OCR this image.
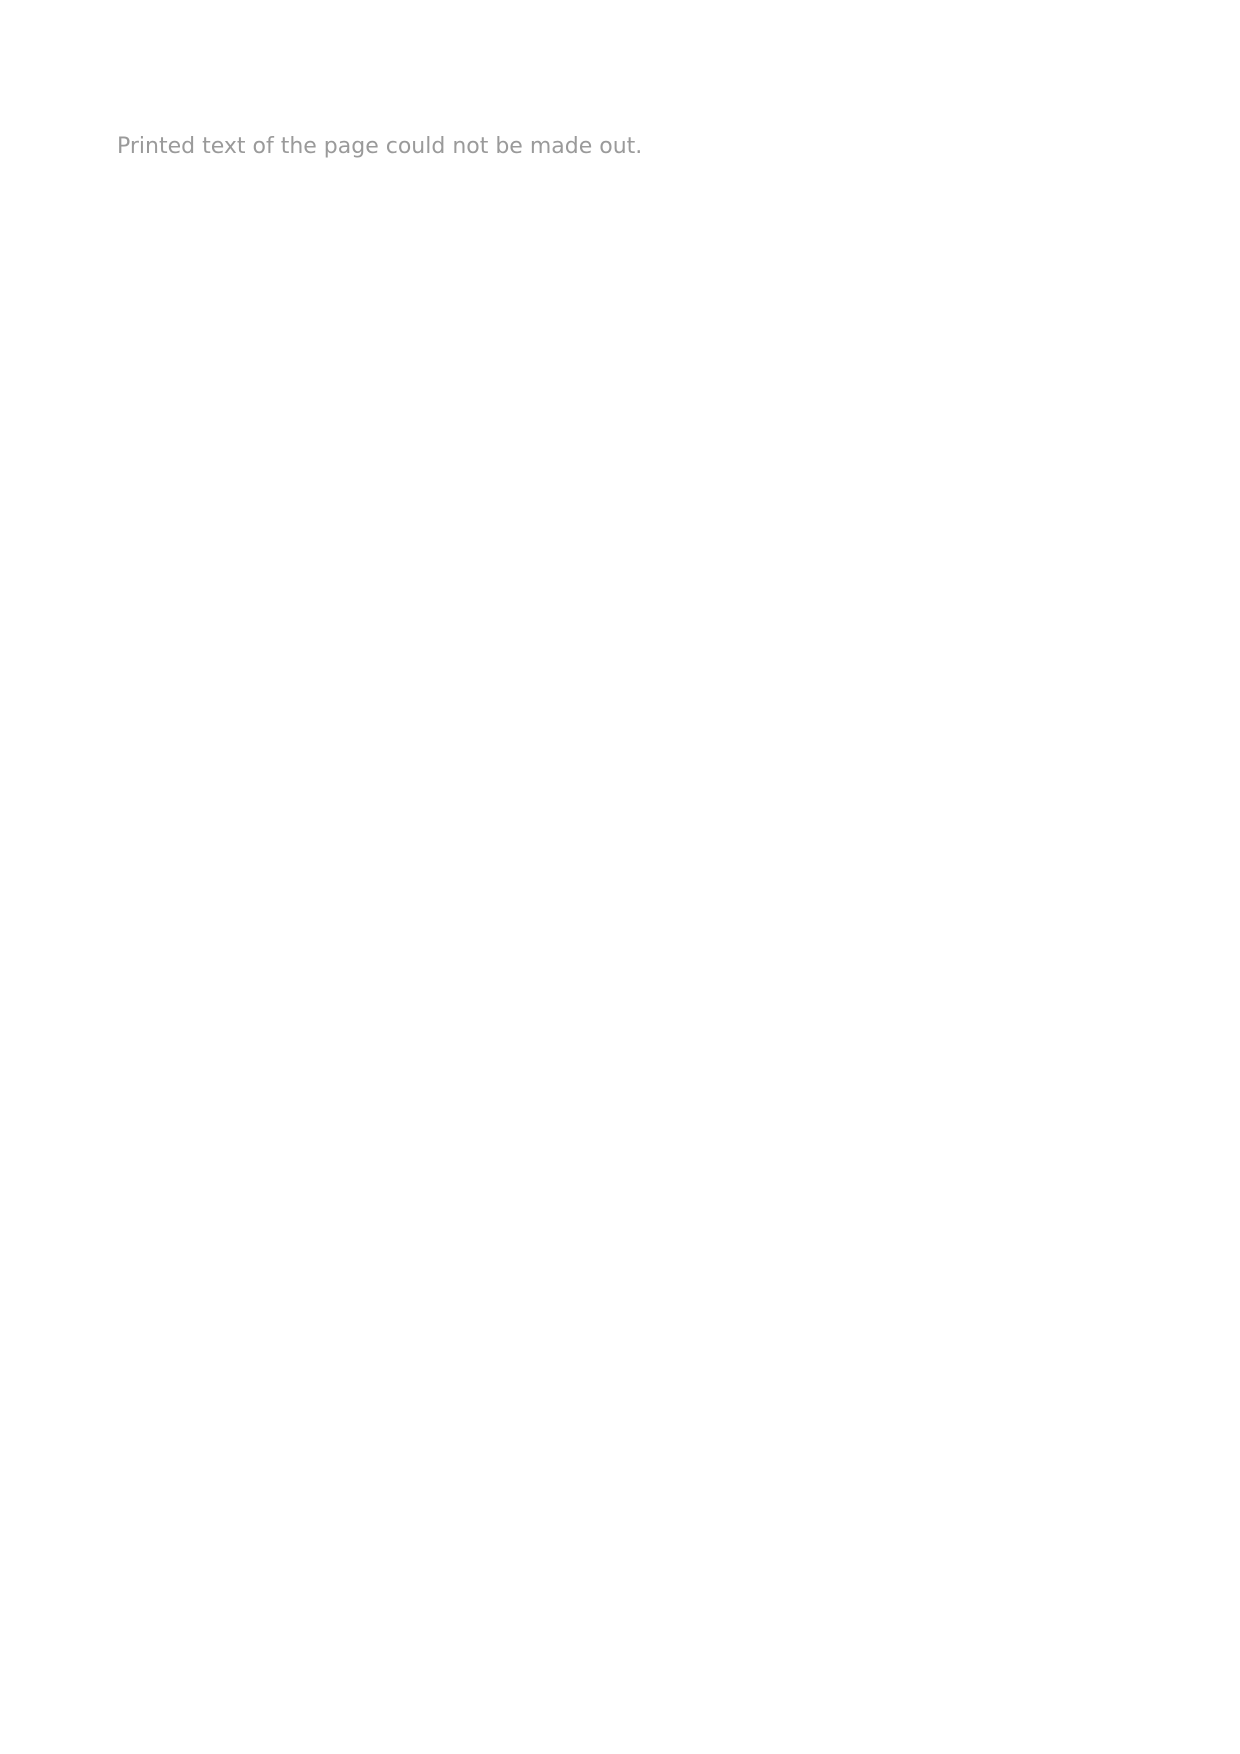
Printed text of the page could not be made out.
